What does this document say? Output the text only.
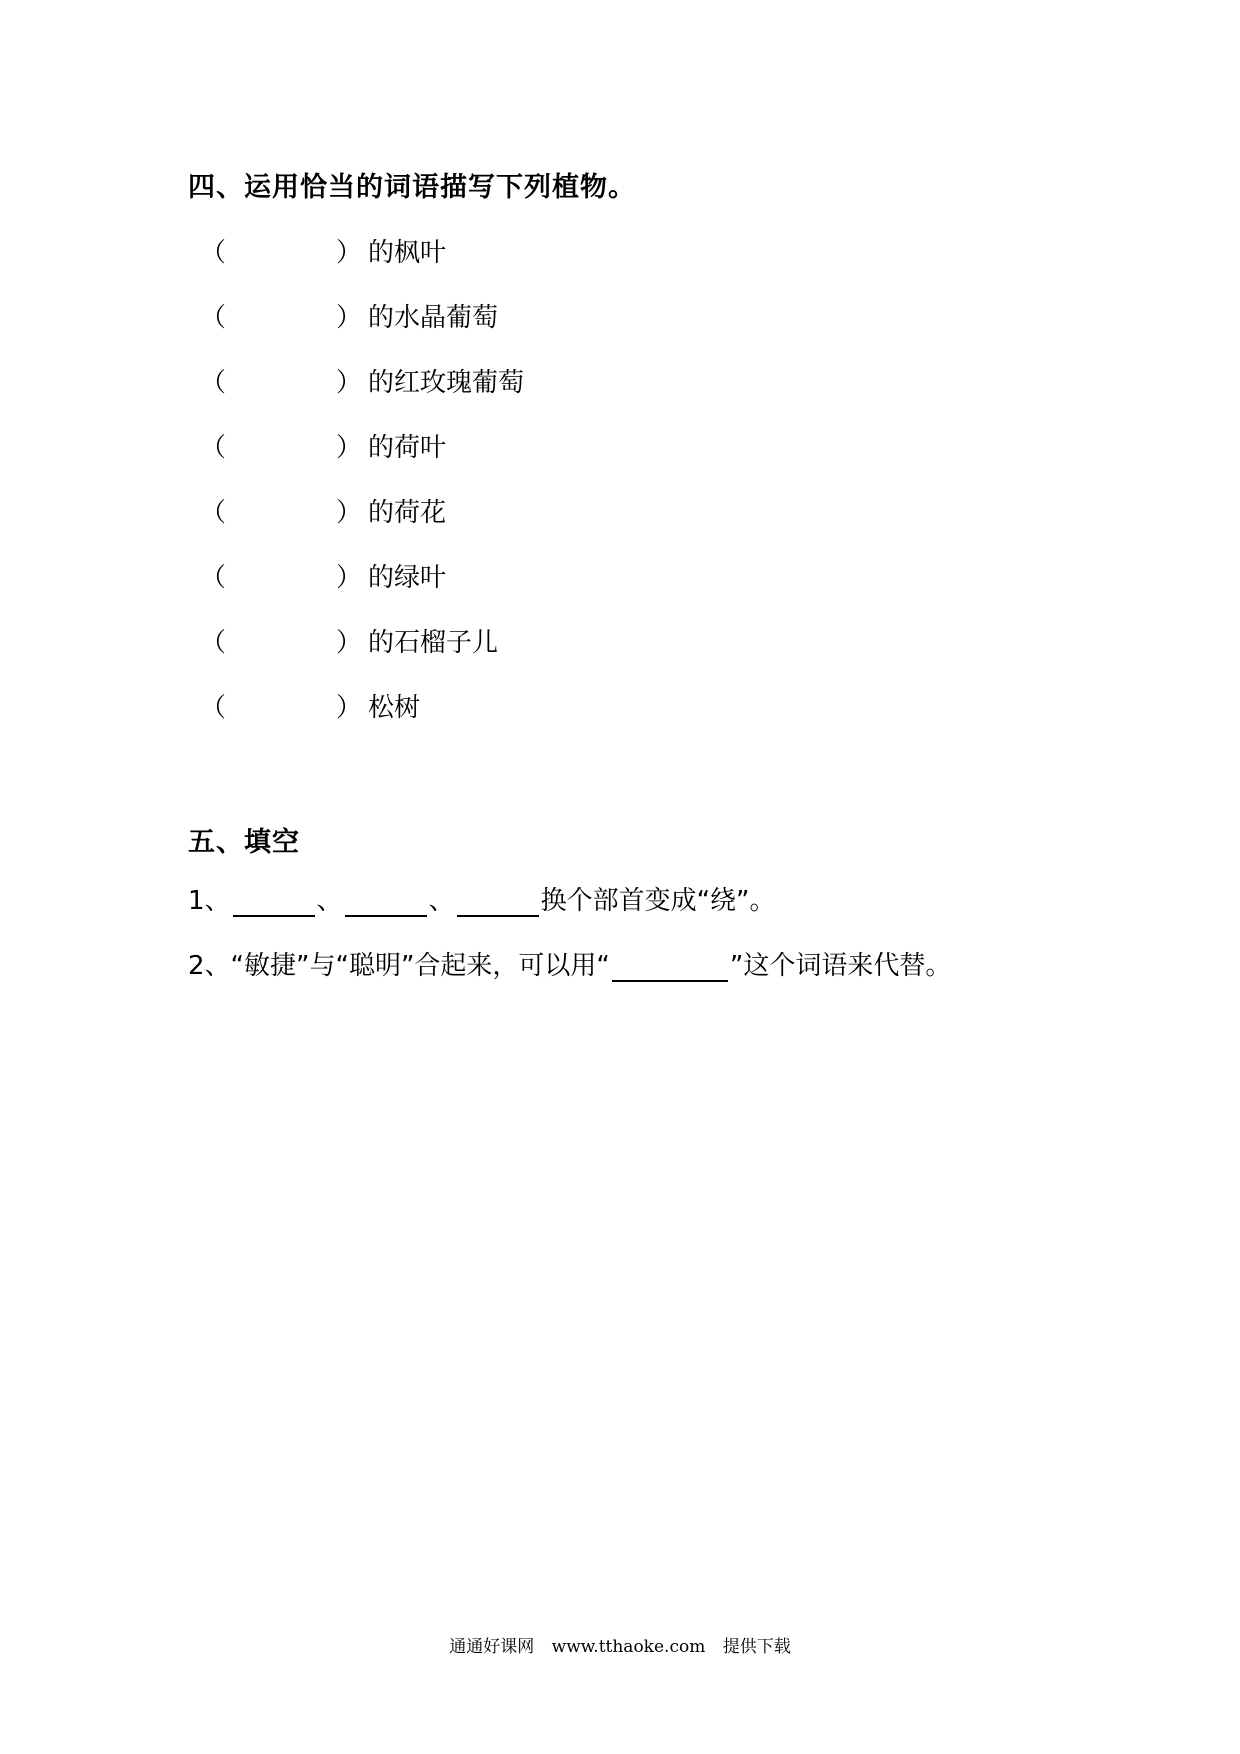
四、运用恰当的词语描写下列植物。
（	） 的枫叶
（	） 的水晶葡萄
（	） 的红玫瑰葡萄
（	） 的荷叶
（	） 的荷花
（	） 的绿叶
（	） 的石榴子儿
（	） 松树
五、填空
1、	、	、	换个部首变成“绕”。
2、“敏捷”与“聪明”合起来，可以用“	”这个词语来代替。
通通好课网 www.tthaoke.com 提供下载
